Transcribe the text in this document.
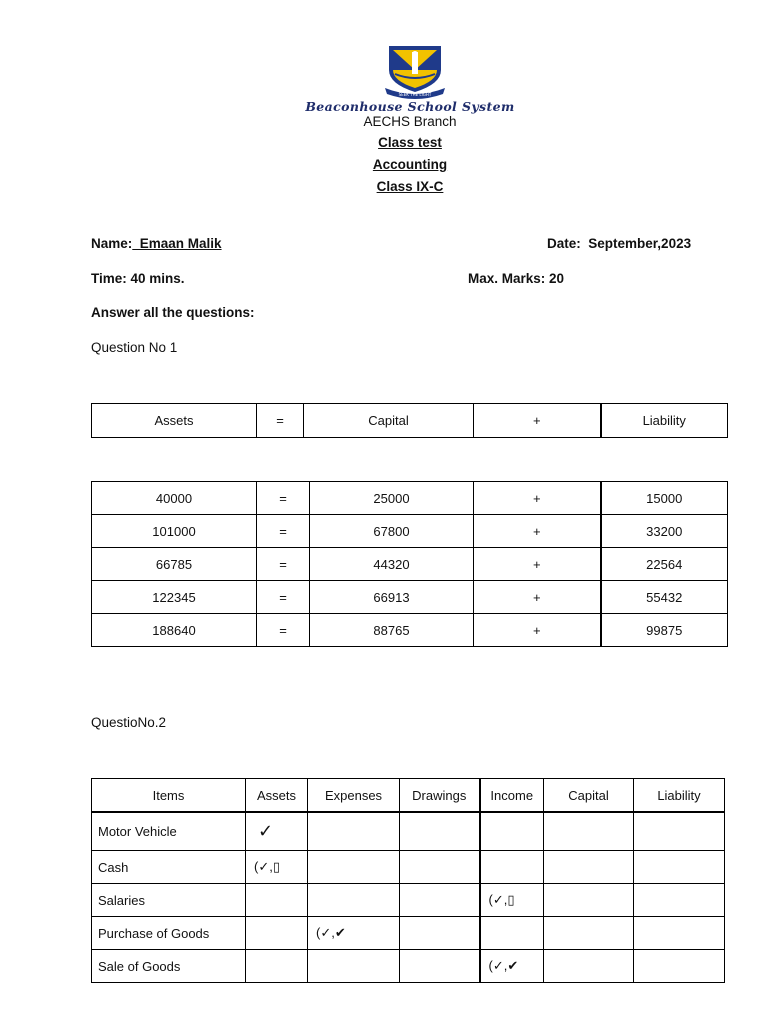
SEEK THE LIGHT
Beaconhouse School System
AECHS Branch
Class test
Accounting
Class IX-C
Name:  Emaan Malik	Date: September,2023
Time: 40 mins.	Max. Marks: 20
Answer all the questions:
Question No 1
Assets	=	Capital	+	Liability
40000	=	25000	+	15000
101000	=	67800	+	33200
66785	=	44320	+	22564
122345	=	66913	+	55432
188640	=	88765	+	99875
QuestioNo.2
Items	Assets	Expenses	Drawings	Income	Capital	Liability
Motor Vehicle	✓					
Cash	(✓,▯					
Salaries				(✓,▯		
Purchase of Goods		(✓,✔				
Sale of Goods				(✓,✔		
